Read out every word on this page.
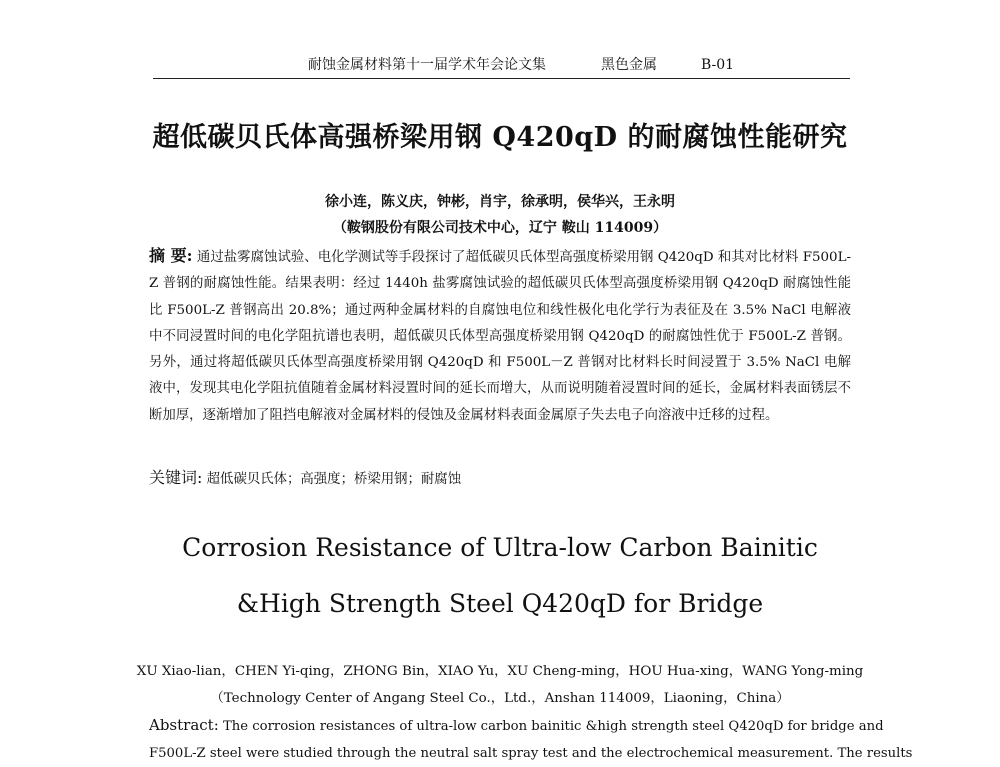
耐蚀金属材料第十一届学术年会论文集	黑色金属	B-01
超低碳贝氏体高强桥梁用钢 Q420qD 的耐腐蚀性能研究
徐小连，陈义庆，钟彬，肖宇，徐承明，侯华兴，王永明
（鞍钢股份有限公司技术中心，辽宁 鞍山 114009）
摘 要: 通过盐雾腐蚀试验、电化学测试等手段探讨了超低碳贝氏体型高强度桥梁用钢 Q420qD 和其对比材料 F500L-Z 普钢的耐腐蚀性能。结果表明：经过 1440h 盐雾腐蚀试验的超低碳贝氏体型高强度桥梁用钢 Q420qD 耐腐蚀性能比 F500L-Z 普钢高出 20.8%；通过两种金属材料的自腐蚀电位和线性极化电化学行为表征及在 3.5% NaCl 电解液中不同浸置时间的电化学阻抗谱也表明，超低碳贝氏体型高强度桥梁用钢 Q420qD 的耐腐蚀性优于 F500L-Z 普钢。另外，通过将超低碳贝氏体型高强度桥梁用钢 Q420qD 和 F500L－Z 普钢对比材料长时间浸置于 3.5% NaCl 电解液中，发现其电化学阻抗值随着金属材料浸置时间的延长而增大，从而说明随着浸置时间的延长，金属材料表面锈层不断加厚，逐渐增加了阻挡电解液对金属材料的侵蚀及金属材料表面金属原子失去电子向溶液中迁移的过程。
关键词: 超低碳贝氏体；高强度；桥梁用钢；耐腐蚀
Corrosion Resistance of Ultra-low Carbon Bainitic
&High Strength Steel Q420qD for Bridge
XU Xiao-lian，CHEN Yi-qing，ZHONG Bin，XIAO Yu，XU Cheng-ming，HOU Hua-xing，WANG Yong-ming
（Technology Center of Angang Steel Co.，Ltd.，Anshan 114009，Liaoning，China）
Abstract: The corrosion resistances of ultra-low carbon bainitic &high strength steel Q420qD for bridge and
F500L-Z steel were studied through the neutral salt spray test and the electrochemical measurement. The results
